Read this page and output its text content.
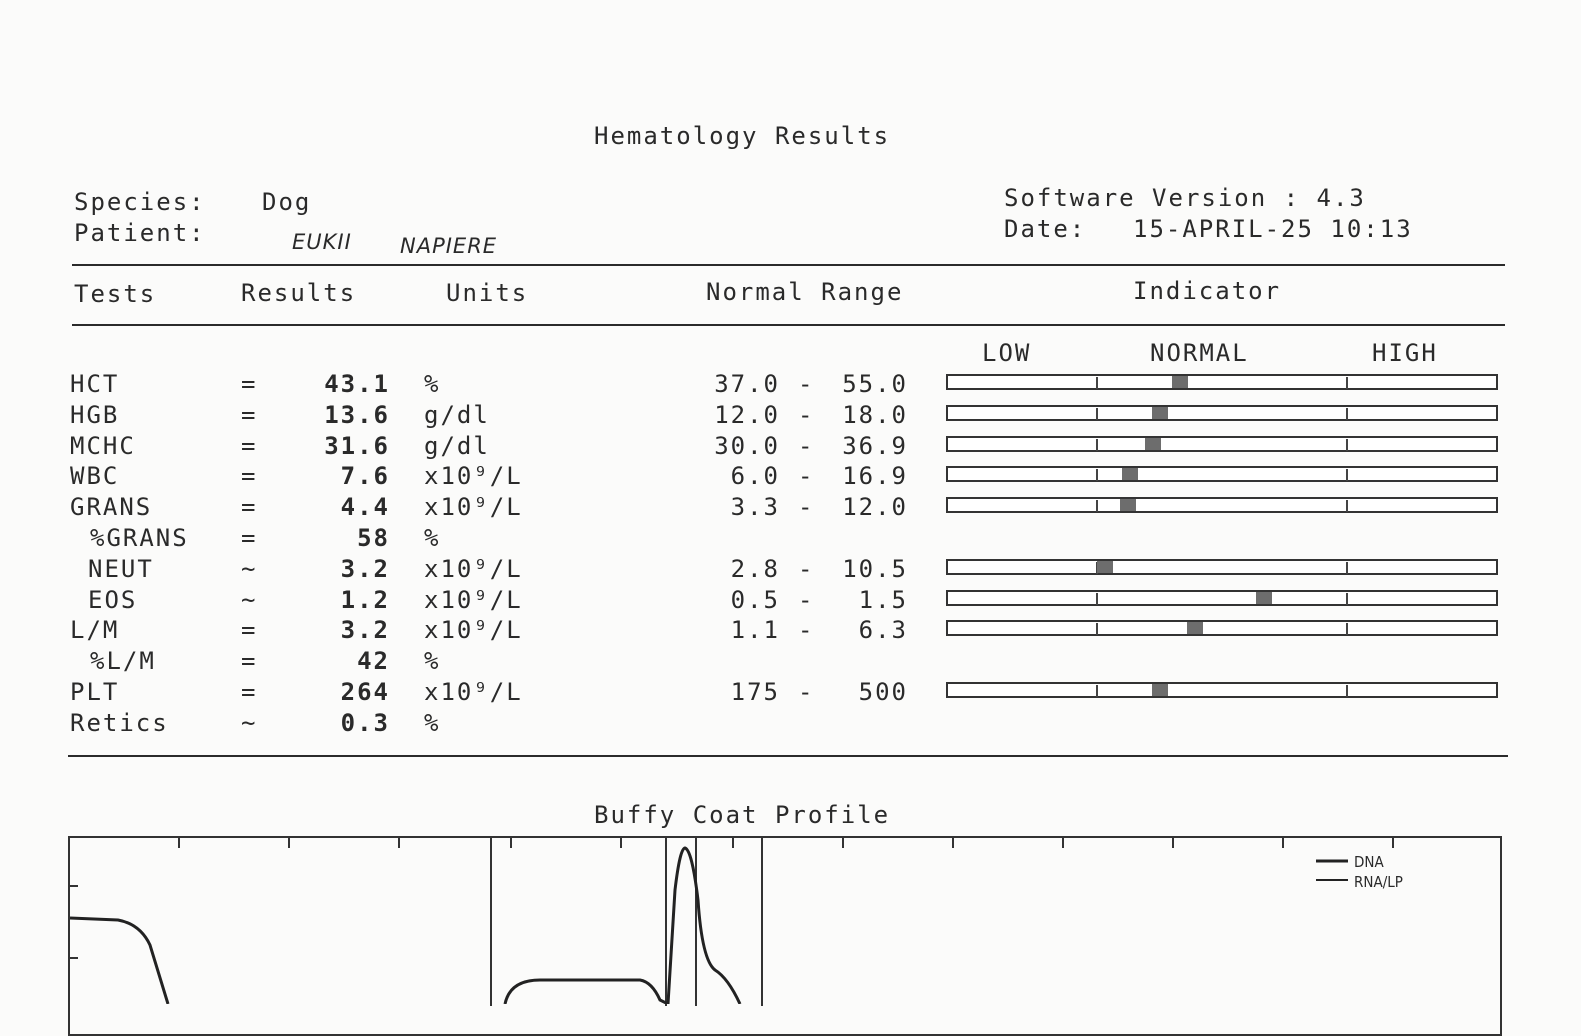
Hematology Results
Species: Dog
Patient:	EUKII NAPIERE
Software Version : 4.3
Date: 15-APRIL-25 10:13
Tests	Results	Units	Normal Range	Indicator
LOW	NORMAL	HIGH
HCT	=	43.1 %	37.0 -	55.0
HGB	=	13.6 g/dl	12.0 -	18.0
MCHC	=	31.6 g/dl	30.0 -	36.9
WBC	=	7.6 x10⁹/L	6.0 -	16.9
GRANS	=	4.4 x10⁹/L	3.3 -	12.0
%GRANS =	58 %
NEUT	~	3.2 x10⁹/L	2.8 -	10.5
EOS	~	1.2 x10⁹/L	0.5 -	1.5
L/M	=	3.2 x10⁹/L	1.1 -	6.3
%L/M	=	42 %
PLT	=	264 x10⁹/L	175 -	500
Retics	~	0.3 %
Buffy Coat Profile
DNA
RNA/LP
